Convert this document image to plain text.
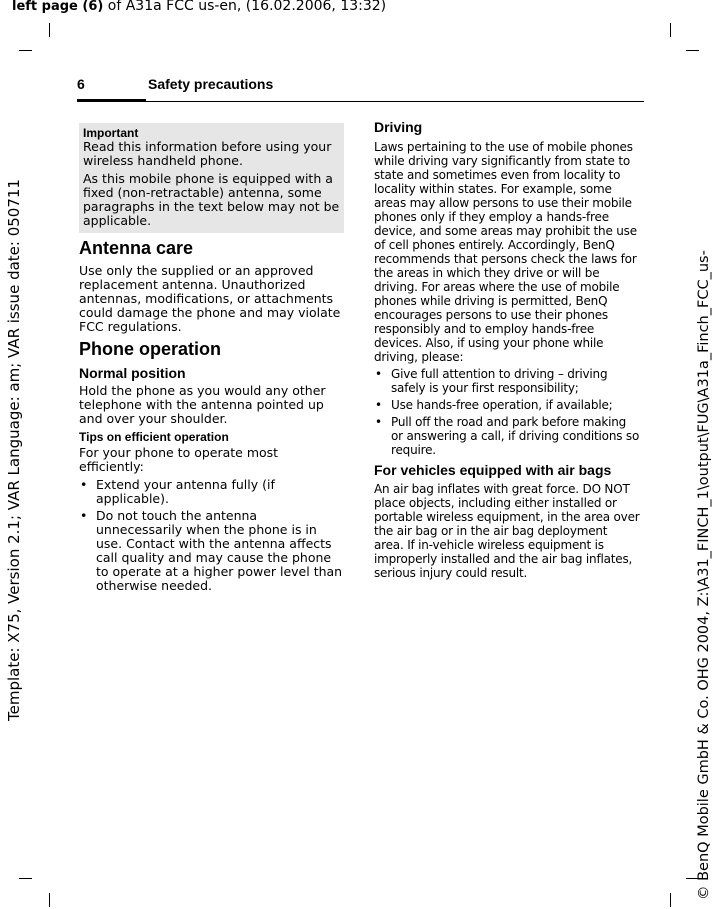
left page (6) of A31a FCC us-en, (16.02.2006, 13:32)
Template: X75, Version 2.1; VAR Language: am; VAR issue date: 050711	© BenQ Mobile GmbH & Co. OHG 2004, Z:\A31_FINCH_1\output\FUG\A31a_Finch_FCC_us-
6	Safety precautions
Important

Read this information before using your wireless handheld phone.

As this mobile phone is equipped with a fixed (non-retractable) antenna, some paragraphs in the text below may not be applicable.

Antenna care

Use only the supplied or an approved replacement antenna. Unauthorized antennas, modifications, or attachments could damage the phone and may violate FCC regulations.

Phone operation
Normal position

Hold the phone as you would any other telephone with the antenna pointed up and over your shoulder.

Tips on efficient operation

For your phone to operate most efficiently:

• Extend your antenna fully (if applicable).
• Do not touch the antenna unnecessarily when the phone is in use. Contact with the antenna affects call quality and may cause the phone to operate at a higher power level than otherwise needed.
Driving

Laws pertaining to the use of mobile phones while driving vary significantly from state to state and sometimes even from locality to locality within states. For example, some areas may allow persons to use their mobile phones only if they employ a hands-free device, and some areas may prohibit the use of cell phones entirely. Accordingly, BenQ recommends that persons check the laws for the areas in which they drive or will be driving. For areas where the use of mobile phones while driving is permitted, BenQ encourages persons to use their phones responsibly and to employ hands-free devices. Also, if using your phone while driving, please:

• Give full attention to driving – driving safely is your first responsibility;
• Use hands-free operation, if available;
• Pull off the road and park before making or answering a call, if driving conditions so require.
For vehicles equipped with air bags

An air bag inflates with great force. DO NOT place objects, including either installed or portable wireless equipment, in the area over the air bag or in the air bag deployment area. If in-vehicle wireless equipment is improperly installed and the air bag inflates, serious injury could result.
